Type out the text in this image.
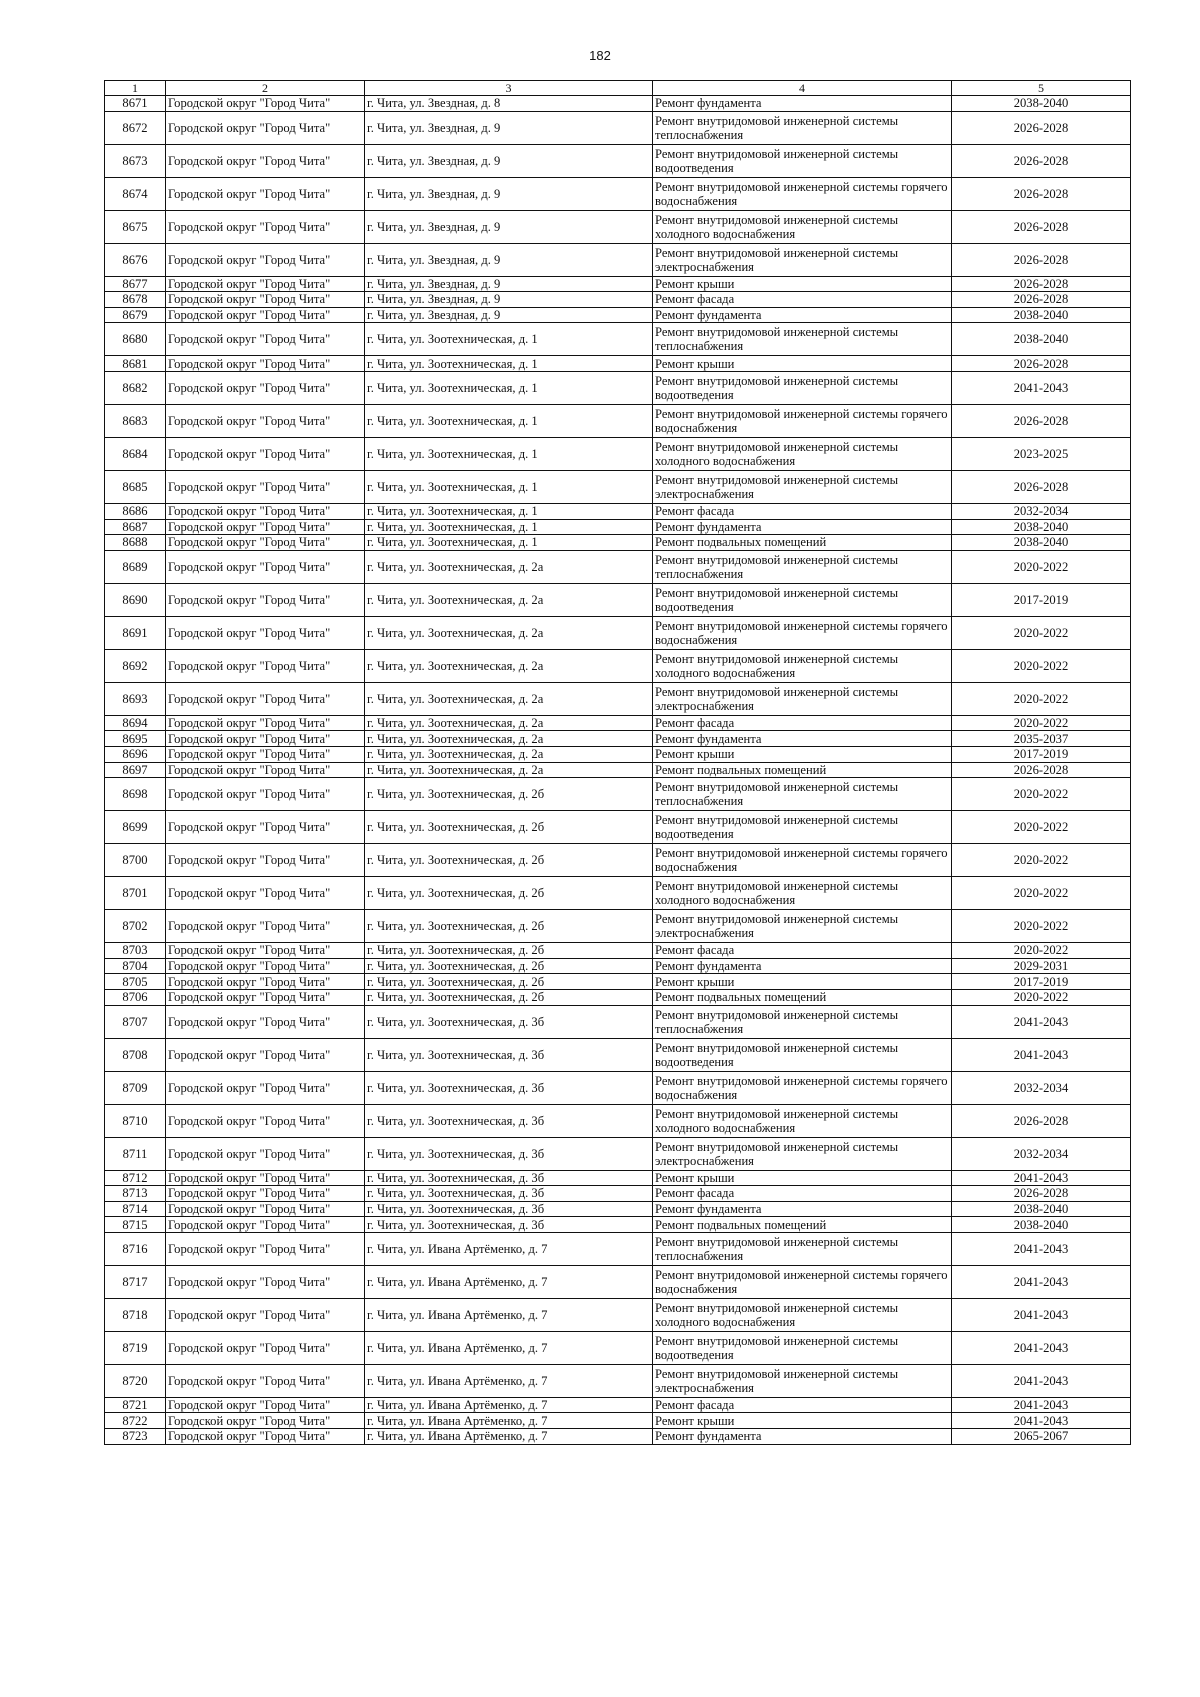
182
1	2	3	4	5
8671	Городской округ "Город Чита"	г. Чита, ул. Звездная, д. 8	Ремонт фундамента	2038-2040
8672	Городской округ "Город Чита"	г. Чита, ул. Звездная, д. 9	Ремонт внутридомовой инженерной системы теплоснабжения	2026-2028
8673	Городской округ "Город Чита"	г. Чита, ул. Звездная, д. 9	Ремонт внутридомовой инженерной системы водоотведения	2026-2028
8674	Городской округ "Город Чита"	г. Чита, ул. Звездная, д. 9	Ремонт внутридомовой инженерной системы горячего водоснабжения	2026-2028
8675	Городской округ "Город Чита"	г. Чита, ул. Звездная, д. 9	Ремонт внутридомовой инженерной системы холодного водоснабжения	2026-2028
8676	Городской округ "Город Чита"	г. Чита, ул. Звездная, д. 9	Ремонт внутридомовой инженерной системы электроснабжения	2026-2028
8677	Городской округ "Город Чита"	г. Чита, ул. Звездная, д. 9	Ремонт крыши	2026-2028
8678	Городской округ "Город Чита"	г. Чита, ул. Звездная, д. 9	Ремонт фасада	2026-2028
8679	Городской округ "Город Чита"	г. Чита, ул. Звездная, д. 9	Ремонт фундамента	2038-2040
8680	Городской округ "Город Чита"	г. Чита, ул. Зоотехническая, д. 1	Ремонт внутридомовой инженерной системы теплоснабжения	2038-2040
8681	Городской округ "Город Чита"	г. Чита, ул. Зоотехническая, д. 1	Ремонт крыши	2026-2028
8682	Городской округ "Город Чита"	г. Чита, ул. Зоотехническая, д. 1	Ремонт внутридомовой инженерной системы водоотведения	2041-2043
8683	Городской округ "Город Чита"	г. Чита, ул. Зоотехническая, д. 1	Ремонт внутридомовой инженерной системы горячего водоснабжения	2026-2028
8684	Городской округ "Город Чита"	г. Чита, ул. Зоотехническая, д. 1	Ремонт внутридомовой инженерной системы холодного водоснабжения	2023-2025
8685	Городской округ "Город Чита"	г. Чита, ул. Зоотехническая, д. 1	Ремонт внутридомовой инженерной системы электроснабжения	2026-2028
8686	Городской округ "Город Чита"	г. Чита, ул. Зоотехническая, д. 1	Ремонт фасада	2032-2034
8687	Городской округ "Город Чита"	г. Чита, ул. Зоотехническая, д. 1	Ремонт фундамента	2038-2040
8688	Городской округ "Город Чита"	г. Чита, ул. Зоотехническая, д. 1	Ремонт подвальных помещений	2038-2040
8689	Городской округ "Город Чита"	г. Чита, ул. Зоотехническая, д. 2а	Ремонт внутридомовой инженерной системы теплоснабжения	2020-2022
8690	Городской округ "Город Чита"	г. Чита, ул. Зоотехническая, д. 2а	Ремонт внутридомовой инженерной системы водоотведения	2017-2019
8691	Городской округ "Город Чита"	г. Чита, ул. Зоотехническая, д. 2а	Ремонт внутридомовой инженерной системы горячего водоснабжения	2020-2022
8692	Городской округ "Город Чита"	г. Чита, ул. Зоотехническая, д. 2а	Ремонт внутридомовой инженерной системы холодного водоснабжения	2020-2022
8693	Городской округ "Город Чита"	г. Чита, ул. Зоотехническая, д. 2а	Ремонт внутридомовой инженерной системы электроснабжения	2020-2022
8694	Городской округ "Город Чита"	г. Чита, ул. Зоотехническая, д. 2а	Ремонт фасада	2020-2022
8695	Городской округ "Город Чита"	г. Чита, ул. Зоотехническая, д. 2а	Ремонт фундамента	2035-2037
8696	Городской округ "Город Чита"	г. Чита, ул. Зоотехническая, д. 2а	Ремонт крыши	2017-2019
8697	Городской округ "Город Чита"	г. Чита, ул. Зоотехническая, д. 2а	Ремонт подвальных помещений	2026-2028
8698	Городской округ "Город Чита"	г. Чита, ул. Зоотехническая, д. 2б	Ремонт внутридомовой инженерной системы теплоснабжения	2020-2022
8699	Городской округ "Город Чита"	г. Чита, ул. Зоотехническая, д. 2б	Ремонт внутридомовой инженерной системы водоотведения	2020-2022
8700	Городской округ "Город Чита"	г. Чита, ул. Зоотехническая, д. 2б	Ремонт внутридомовой инженерной системы горячего водоснабжения	2020-2022
8701	Городской округ "Город Чита"	г. Чита, ул. Зоотехническая, д. 2б	Ремонт внутридомовой инженерной системы холодного водоснабжения	2020-2022
8702	Городской округ "Город Чита"	г. Чита, ул. Зоотехническая, д. 2б	Ремонт внутридомовой инженерной системы электроснабжения	2020-2022
8703	Городской округ "Город Чита"	г. Чита, ул. Зоотехническая, д. 2б	Ремонт фасада	2020-2022
8704	Городской округ "Город Чита"	г. Чита, ул. Зоотехническая, д. 2б	Ремонт фундамента	2029-2031
8705	Городской округ "Город Чита"	г. Чита, ул. Зоотехническая, д. 2б	Ремонт крыши	2017-2019
8706	Городской округ "Город Чита"	г. Чита, ул. Зоотехническая, д. 2б	Ремонт подвальных помещений	2020-2022
8707	Городской округ "Город Чита"	г. Чита, ул. Зоотехническая, д. 3б	Ремонт внутридомовой инженерной системы теплоснабжения	2041-2043
8708	Городской округ "Город Чита"	г. Чита, ул. Зоотехническая, д. 3б	Ремонт внутридомовой инженерной системы водоотведения	2041-2043
8709	Городской округ "Город Чита"	г. Чита, ул. Зоотехническая, д. 3б	Ремонт внутридомовой инженерной системы горячего водоснабжения	2032-2034
8710	Городской округ "Город Чита"	г. Чита, ул. Зоотехническая, д. 3б	Ремонт внутридомовой инженерной системы холодного водоснабжения	2026-2028
8711	Городской округ "Город Чита"	г. Чита, ул. Зоотехническая, д. 3б	Ремонт внутридомовой инженерной системы электроснабжения	2032-2034
8712	Городской округ "Город Чита"	г. Чита, ул. Зоотехническая, д. 3б	Ремонт крыши	2041-2043
8713	Городской округ "Город Чита"	г. Чита, ул. Зоотехническая, д. 3б	Ремонт фасада	2026-2028
8714	Городской округ "Город Чита"	г. Чита, ул. Зоотехническая, д. 3б	Ремонт фундамента	2038-2040
8715	Городской округ "Город Чита"	г. Чита, ул. Зоотехническая, д. 3б	Ремонт подвальных помещений	2038-2040
8716	Городской округ "Город Чита"	г. Чита, ул. Ивана Артёменко, д. 7	Ремонт внутридомовой инженерной системы теплоснабжения	2041-2043
8717	Городской округ "Город Чита"	г. Чита, ул. Ивана Артёменко, д. 7	Ремонт внутридомовой инженерной системы горячего водоснабжения	2041-2043
8718	Городской округ "Город Чита"	г. Чита, ул. Ивана Артёменко, д. 7	Ремонт внутридомовой инженерной системы холодного водоснабжения	2041-2043
8719	Городской округ "Город Чита"	г. Чита, ул. Ивана Артёменко, д. 7	Ремонт внутридомовой инженерной системы водоотведения	2041-2043
8720	Городской округ "Город Чита"	г. Чита, ул. Ивана Артёменко, д. 7	Ремонт внутридомовой инженерной системы электроснабжения	2041-2043
8721	Городской округ "Город Чита"	г. Чита, ул. Ивана Артёменко, д. 7	Ремонт фасада	2041-2043
8722	Городской округ "Город Чита"	г. Чита, ул. Ивана Артёменко, д. 7	Ремонт крыши	2041-2043
8723	Городской округ "Город Чита"	г. Чита, ул. Ивана Артёменко, д. 7	Ремонт фундамента	2065-2067
